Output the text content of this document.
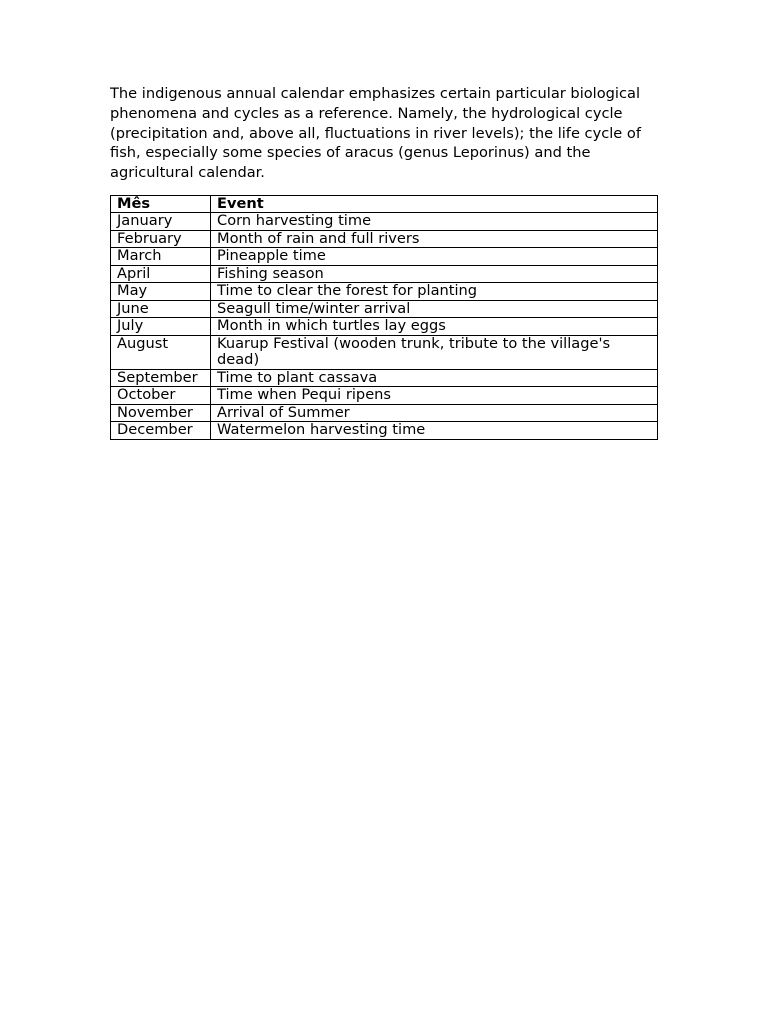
The indigenous annual calendar emphasizes certain particular biological phenomena and cycles as a reference. Namely, the hydrological cycle (precipitation and, above all, fluctuations in river levels); the life cycle of fish, especially some species of aracus (genus Leporinus) and the agricultural calendar.

Mês	Event
January	Corn harvesting time
February	Month of rain and full rivers
March	Pineapple time
April	Fishing season
May	Time to clear the forest for planting
June	Seagull time/winter arrival
July	Month in which turtles lay eggs
August	Kuarup Festival (wooden trunk, tribute to the village's dead)
September	Time to plant cassava
October	Time when Pequi ripens
November	Arrival of Summer
December	Watermelon harvesting time
